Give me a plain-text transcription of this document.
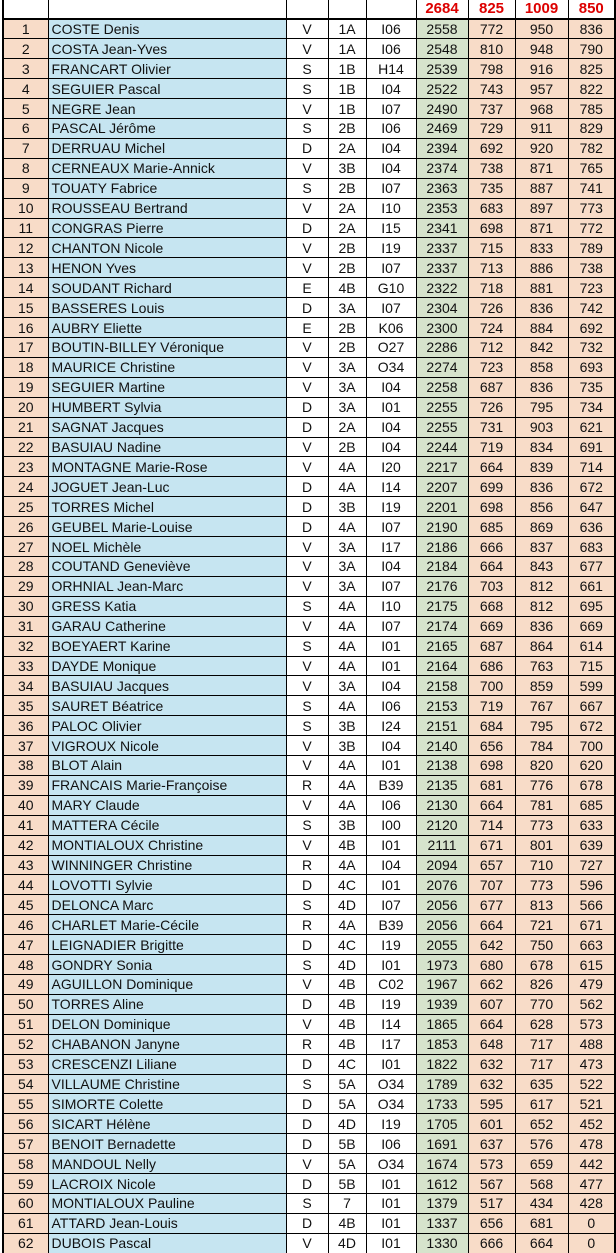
					2684	825	1009	850
1	COSTE Denis	V	1A	I06	2558	772	950	836
2	COSTA Jean-Yves	V	1A	I06	2548	810	948	790
3	FRANCART Olivier	S	1B	H14	2539	798	916	825
4	SEGUIER Pascal	S	1B	I04	2522	743	957	822
5	NEGRE Jean	V	1B	I07	2490	737	968	785
6	PASCAL Jérôme	S	2B	I06	2469	729	911	829
7	DERRUAU Michel	D	2A	I04	2394	692	920	782
8	CERNEAUX Marie-Annick	V	3B	I04	2374	738	871	765
9	TOUATY Fabrice	S	2B	I07	2363	735	887	741
10	ROUSSEAU Bertrand	V	2A	I10	2353	683	897	773
11	CONGRAS Pierre	D	2A	I15	2341	698	871	772
12	CHANTON Nicole	V	2B	I19	2337	715	833	789
13	HENON Yves	V	2B	I07	2337	713	886	738
14	SOUDANT Richard	E	4B	G10	2322	718	881	723
15	BASSERES Louis	D	3A	I07	2304	726	836	742
16	AUBRY Eliette	E	2B	K06	2300	724	884	692
17	BOUTIN-BILLEY Véronique	V	2B	O27	2286	712	842	732
18	MAURICE Christine	V	3A	O34	2274	723	858	693
19	SEGUIER Martine	V	3A	I04	2258	687	836	735
20	HUMBERT Sylvia	D	3A	I01	2255	726	795	734
21	SAGNAT Jacques	D	2A	I04	2255	731	903	621
22	BASUIAU Nadine	V	2B	I04	2244	719	834	691
23	MONTAGNE Marie-Rose	V	4A	I20	2217	664	839	714
24	JOGUET Jean-Luc	D	4A	I14	2207	699	836	672
25	TORRES Michel	D	3B	I19	2201	698	856	647
26	GEUBEL Marie-Louise	D	4A	I07	2190	685	869	636
27	NOEL Michèle	V	3A	I17	2186	666	837	683
28	COUTAND Geneviève	V	3A	I04	2184	664	843	677
29	ORHNIAL Jean-Marc	V	3A	I07	2176	703	812	661
30	GRESS Katia	S	4A	I10	2175	668	812	695
31	GARAU Catherine	V	4A	I07	2174	669	836	669
32	BOEYAERT Karine	S	4A	I01	2165	687	864	614
33	DAYDE Monique	V	4A	I01	2164	686	763	715
34	BASUIAU Jacques	V	3A	I04	2158	700	859	599
35	SAURET Béatrice	S	4A	I06	2153	719	767	667
36	PALOC Olivier	S	3B	I24	2151	684	795	672
37	VIGROUX Nicole	V	3B	I04	2140	656	784	700
38	BLOT Alain	V	4A	I01	2138	698	820	620
39	FRANCAIS Marie-Françoise	R	4A	B39	2135	681	776	678
40	MARY Claude	V	4A	I06	2130	664	781	685
41	MATTERA Cécile	S	3B	I00	2120	714	773	633
42	MONTIALOUX Christine	V	4B	I01	2111	671	801	639
43	WINNINGER Christine	R	4A	I04	2094	657	710	727
44	LOVOTTI Sylvie	D	4C	I01	2076	707	773	596
45	DELONCA Marc	S	4D	I07	2056	677	813	566
46	CHARLET Marie-Cécile	R	4A	B39	2056	664	721	671
47	LEIGNADIER Brigitte	D	4C	I19	2055	642	750	663
48	GONDRY Sonia	S	4D	I01	1973	680	678	615
49	AGUILLON Dominique	V	4B	C02	1967	662	826	479
50	TORRES Aline	D	4B	I19	1939	607	770	562
51	DELON Dominique	V	4B	I14	1865	664	628	573
52	CHABANON Janyne	R	4B	I17	1853	648	717	488
53	CRESCENZI Liliane	D	4C	I01	1822	632	717	473
54	VILLAUME Christine	S	5A	O34	1789	632	635	522
55	SIMORTE Colette	D	5A	O34	1733	595	617	521
56	SICART Hélène	D	4D	I19	1705	601	652	452
57	BENOIT Bernadette	D	5B	I06	1691	637	576	478
58	MANDOUL Nelly	V	5A	O34	1674	573	659	442
59	LACROIX Nicole	D	5B	I01	1612	567	568	477
60	MONTIALOUX Pauline	S	7	I01	1379	517	434	428
61	ATTARD Jean-Louis	D	4B	I01	1337	656	681	0
62	DUBOIS Pascal	V	4D	I01	1330	666	664	0
